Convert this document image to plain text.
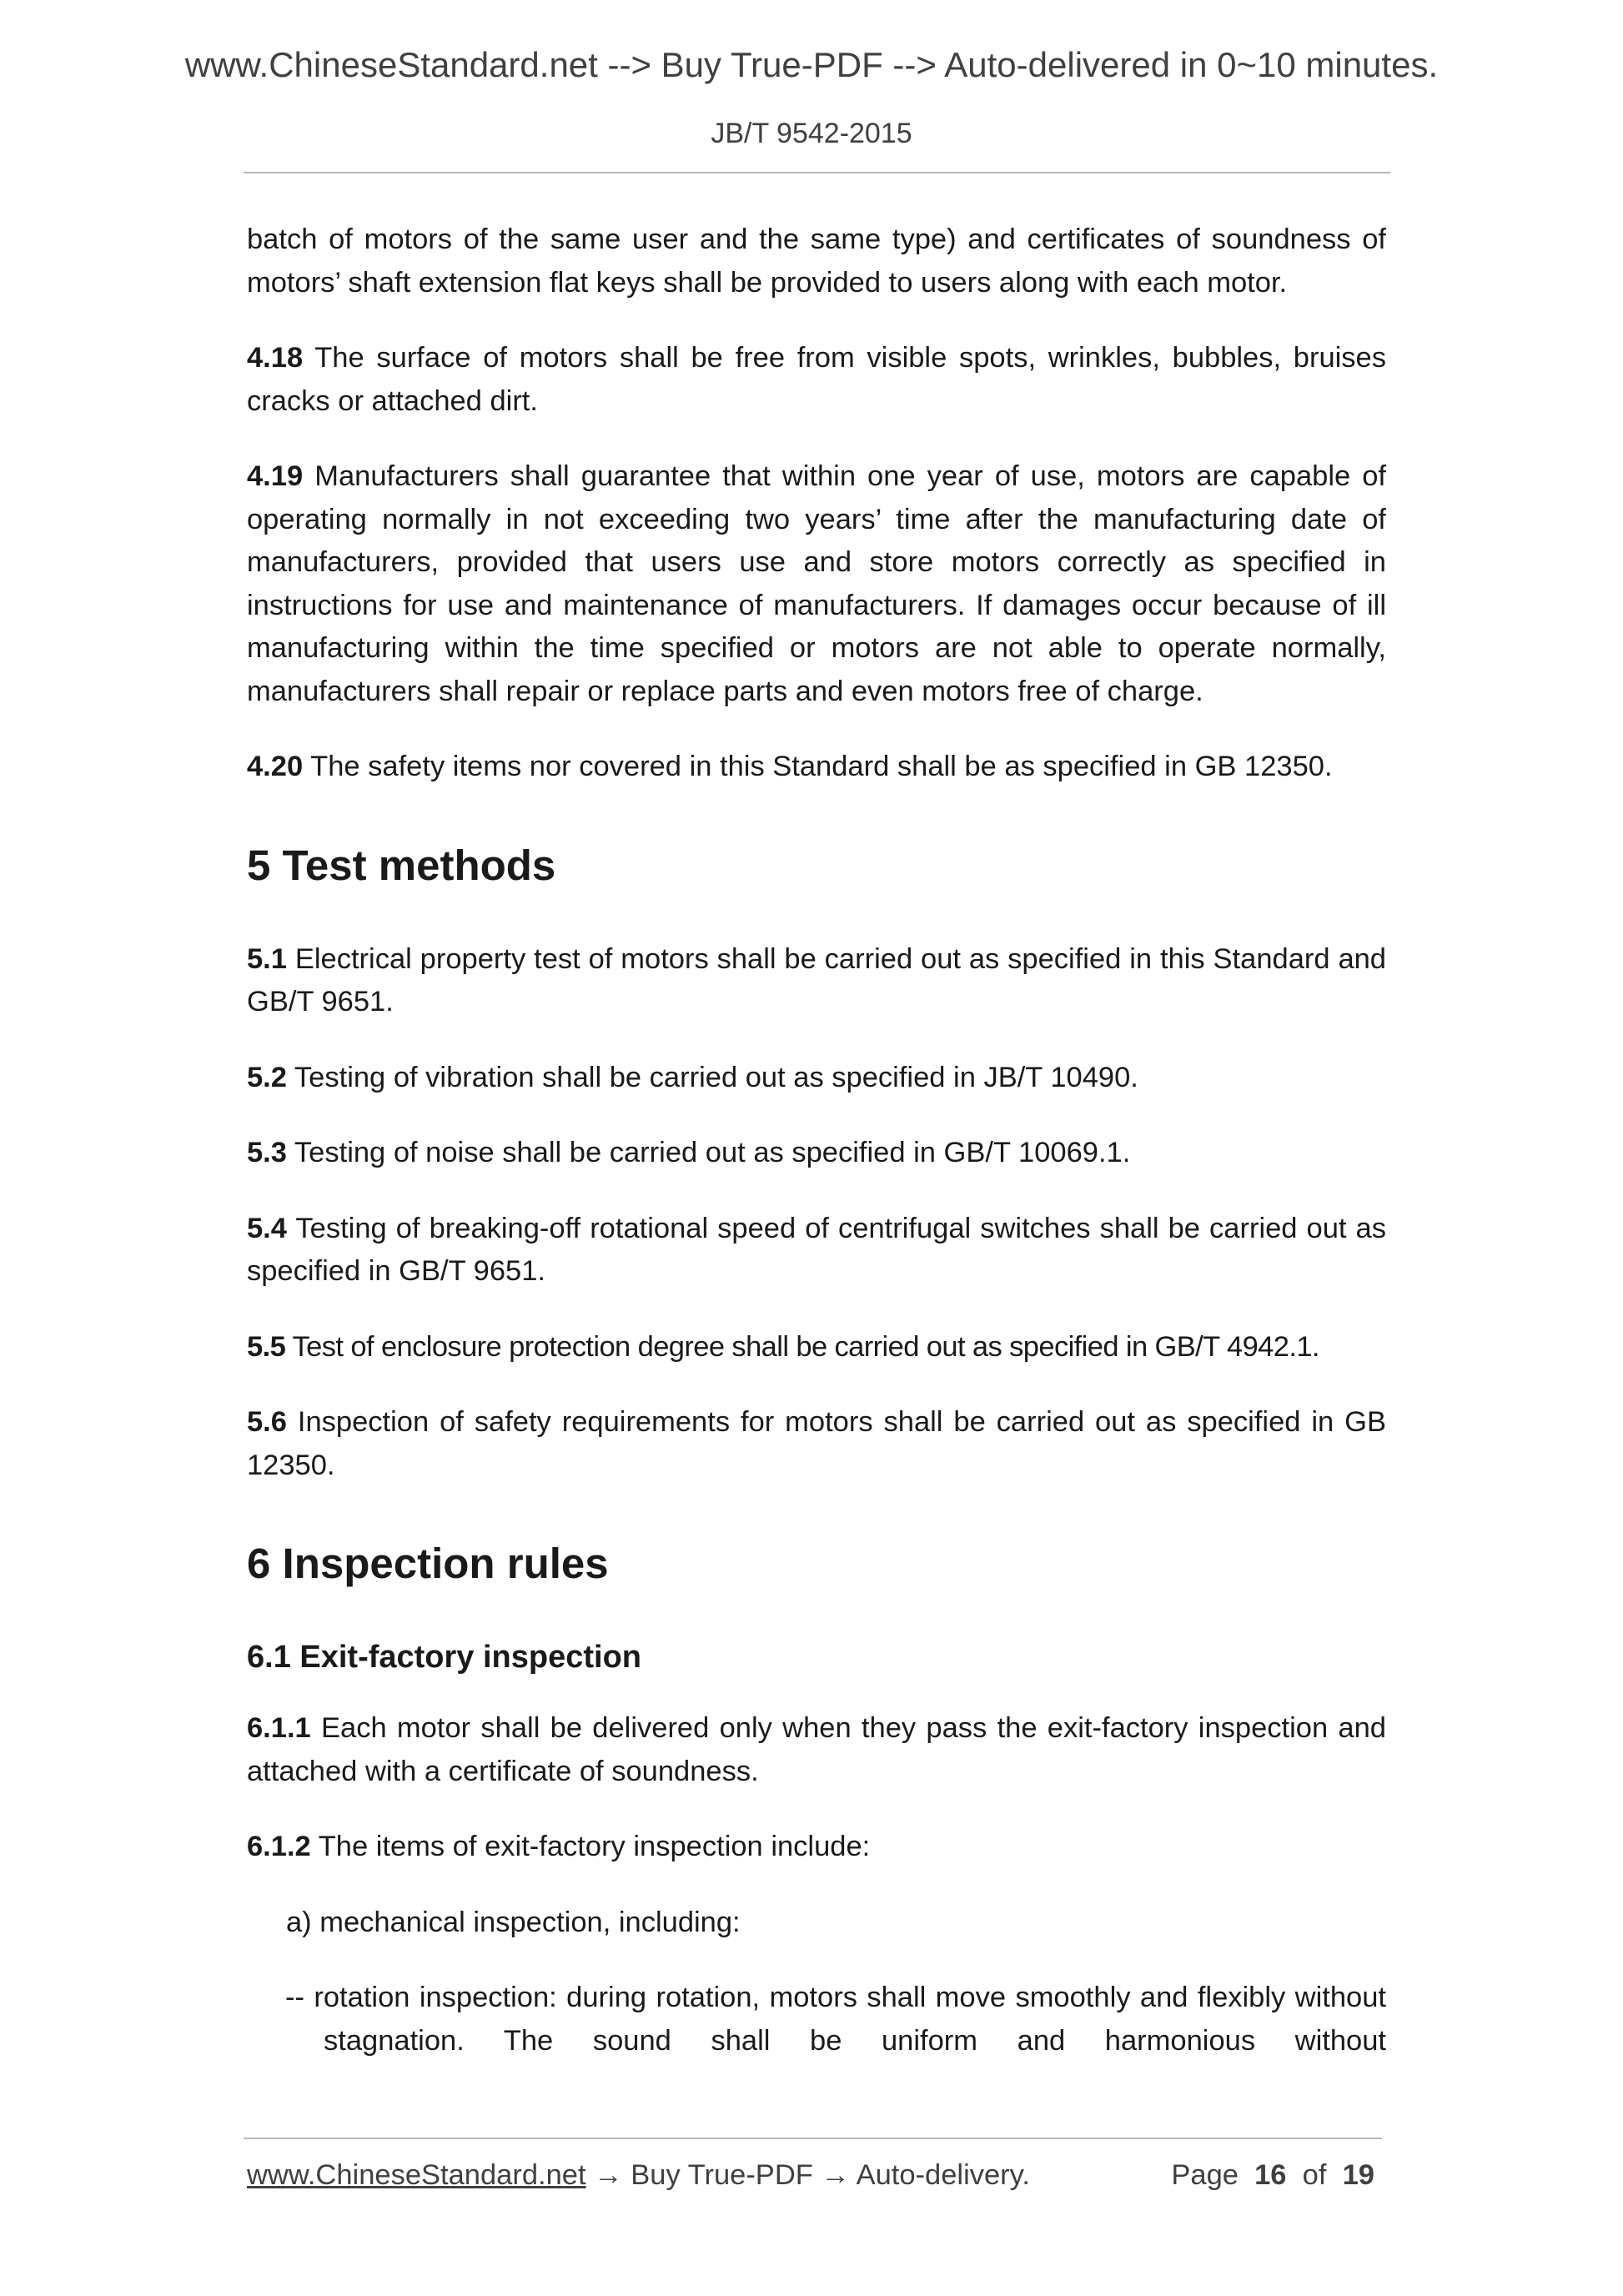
www.ChineseStandard.net --> Buy True-PDF --> Auto-delivered in 0~10 minutes.
JB/T 9542-2015

batch of motors of the same user and the same type) and certificates of soundness of motors’ shaft extension flat keys shall be provided to users along with each motor.

4.18 The surface of motors shall be free from visible spots, wrinkles, bubbles, bruises cracks or attached dirt.

4.19 Manufacturers shall guarantee that within one year of use, motors are capable of operating normally in not exceeding two years’ time after the manufacturing date of manufacturers, provided that users use and store motors correctly as specified in instructions for use and maintenance of manufacturers. If damages occur because of ill manufacturing within the time specified or motors are not able to operate normally, manufacturers shall repair or replace parts and even motors free of charge.

4.20 The safety items nor covered in this Standard shall be as specified in GB 12350.

5 Test methods

5.1 Electrical property test of motors shall be carried out as specified in this Standard and GB/T 9651.

5.2 Testing of vibration shall be carried out as specified in JB/T 10490.

5.3 Testing of noise shall be carried out as specified in GB/T 10069.1.

5.4 Testing of breaking-off rotational speed of centrifugal switches shall be carried out as specified in GB/T 9651.

5.5 Test of enclosure protection degree shall be carried out as specified in GB/T 4942.1.

5.6 Inspection of safety requirements for motors shall be carried out as specified in GB 12350.

6 Inspection rules
6.1 Exit-factory inspection

6.1.1 Each motor shall be delivered only when they pass the exit-factory inspection and attached with a certificate of soundness.

6.1.2 The items of exit-factory inspection include:

a) mechanical inspection, including:

-- rotation inspection: during rotation, motors shall move smoothly and flexibly without stagnation. The sound shall be uniform and harmonious without

www.ChineseStandard.net → Buy True-PDF → Auto-delivery.	Page 16 of 19
